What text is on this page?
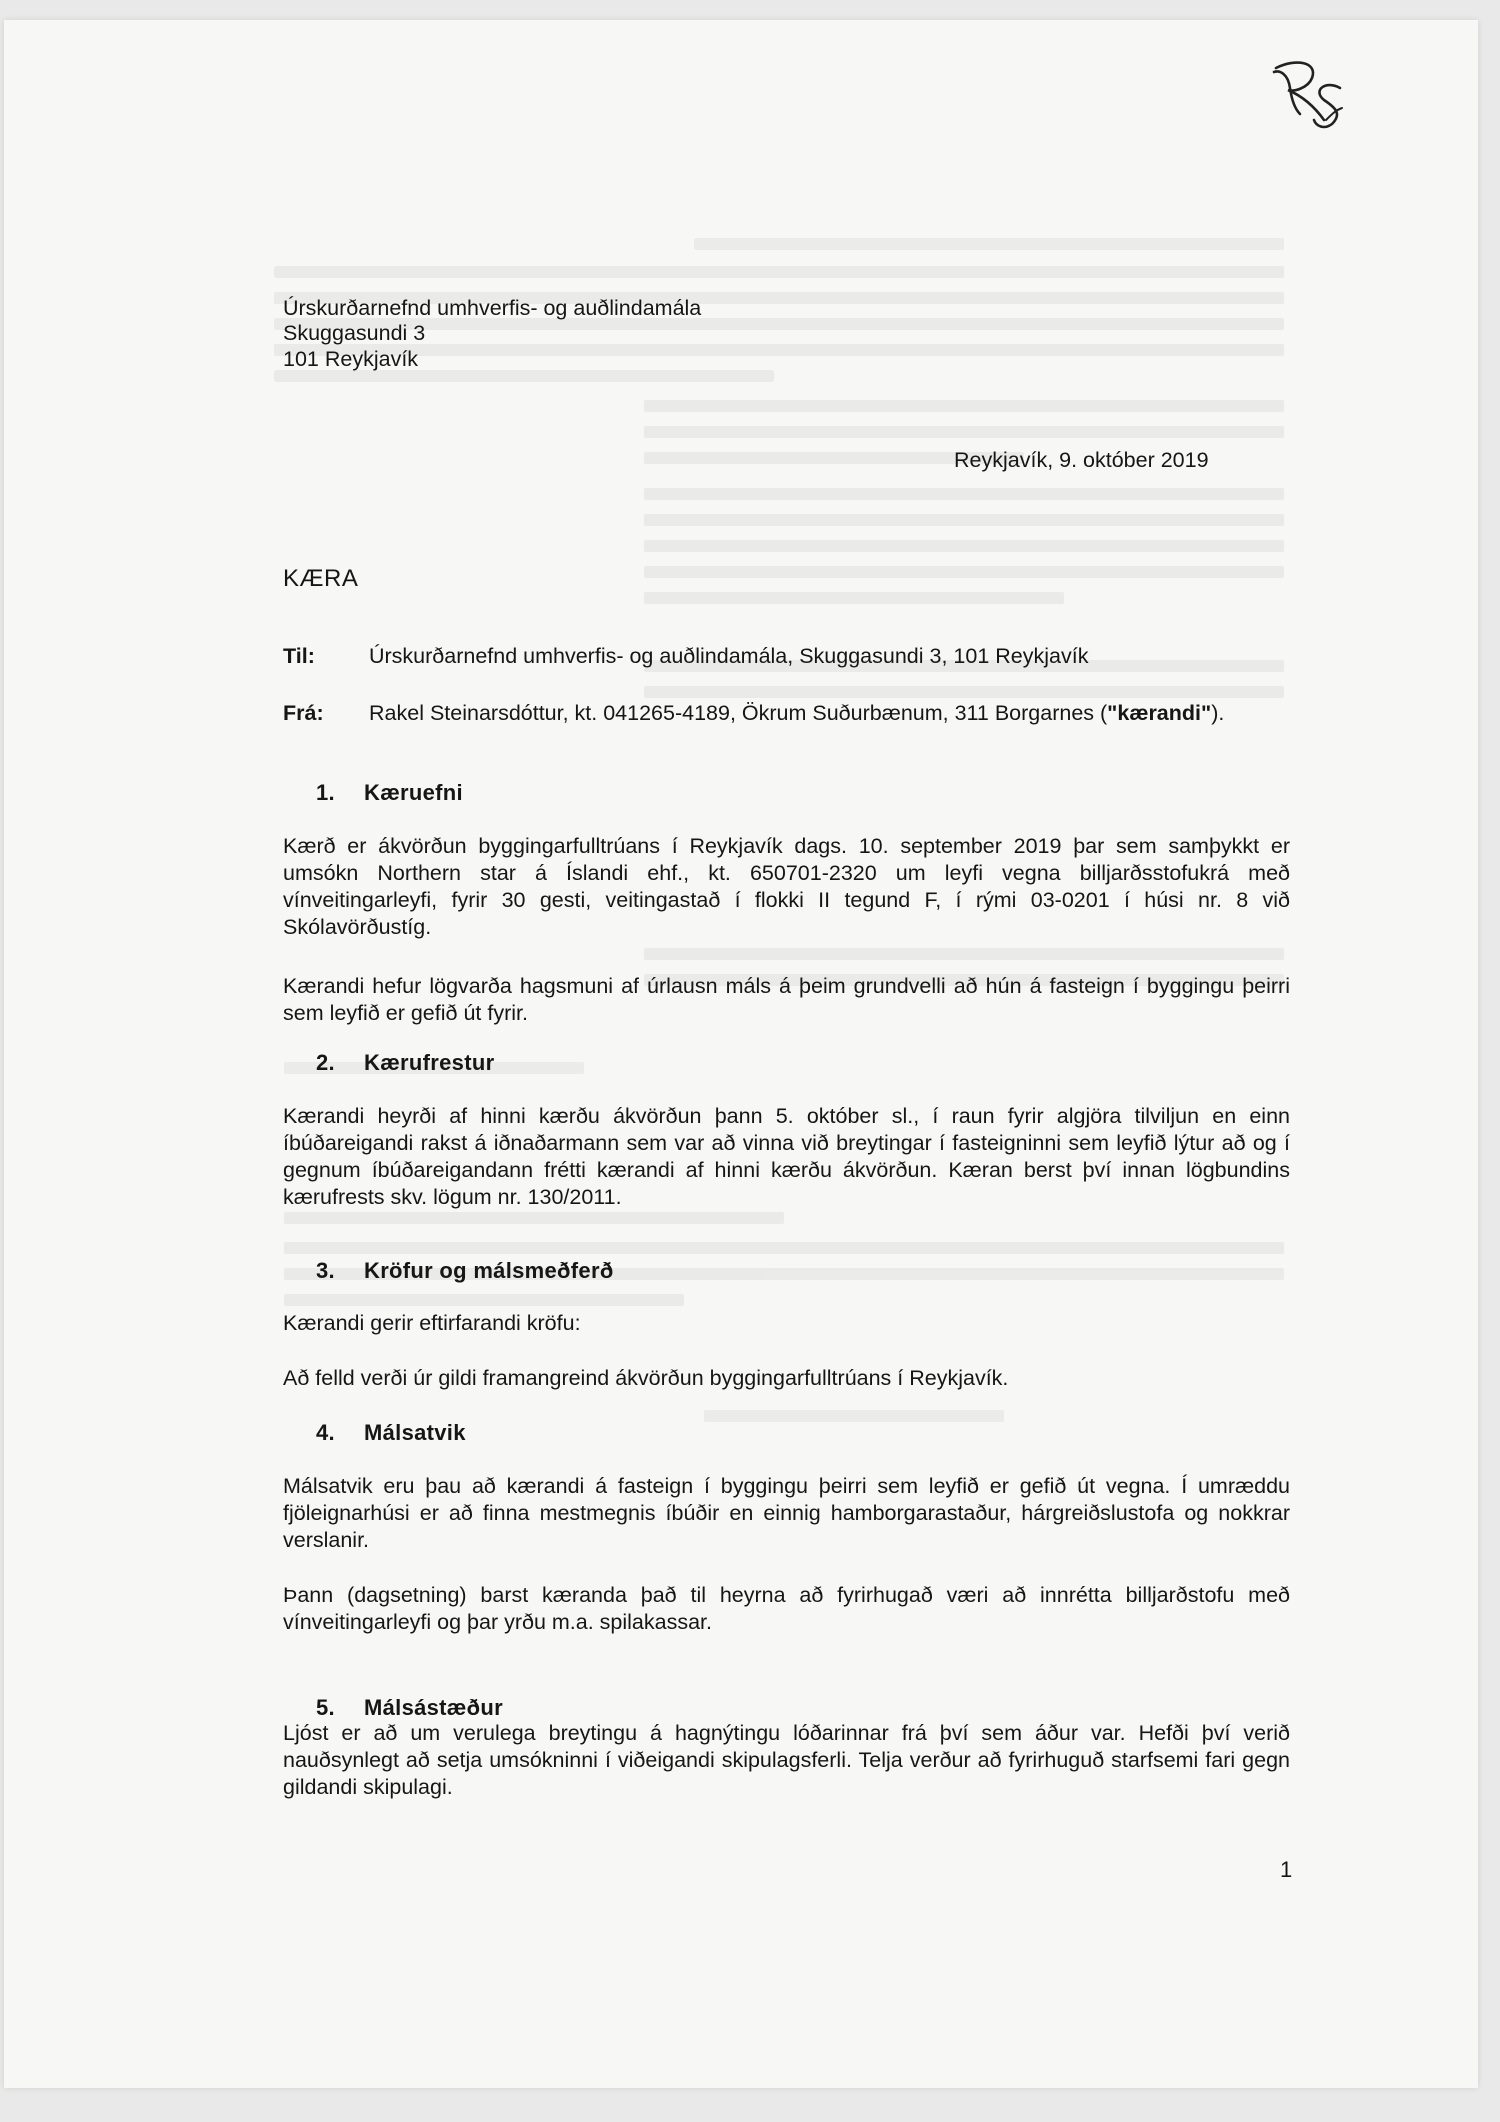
Úrskurðarnefnd umhverfis- og auðlindamála
Skuggasundi 3
101 Reykjavík
Reykjavík, 9. október 2019
KÆRA
Til:	Úrskurðarnefnd umhverfis- og auðlindamála, Skuggasundi 3, 101 Reykjavík
Frá: Rakel Steinarsdóttur, kt. 041265-4189, Ökrum Suðurbænum, 311 Borgarnes ("kærandi").
1. Kæruefni
Kærð er ákvörðun byggingarfulltrúans í Reykjavík dags. 10. september 2019 þar sem samþykkt er umsókn Northern star á Íslandi ehf., kt. 650701-2320 um leyfi vegna billjarðsstofukrá með vínveitingarleyfi, fyrir 30 gesti, veitingastað í flokki II tegund F, í rými 03-0201 í húsi nr. 8 við Skólavörðustíg.
Kærandi hefur lögvarða hagsmuni af úrlausn máls á þeim grundvelli að hún á fasteign í byggingu þeirri sem leyfið er gefið út fyrir.
2. Kærufrestur
Kærandi heyrði af hinni kærðu ákvörðun þann 5. október sl., í raun fyrir algjöra tilviljun en einn íbúðareigandi rakst á iðnaðarmann sem var að vinna við breytingar í fasteigninni sem leyfið lýtur að og í gegnum íbúðareigandann frétti kærandi af hinni kærðu ákvörðun. Kæran berst því innan lögbundins kærufrests skv. lögum nr. 130/2011.
3. Kröfur og málsmeðferð
Kærandi gerir eftirfarandi kröfu:
Að felld verði úr gildi framangreind ákvörðun byggingarfulltrúans í Reykjavík.
4. Málsatvik
Málsatvik eru þau að kærandi á fasteign í byggingu þeirri sem leyfið er gefið út vegna. Í umræddu fjöleignarhúsi er að finna mestmegnis íbúðir en einnig hamborgarastaður, hárgreiðslustofa og nokkrar verslanir.
Þann (dagsetning) barst kæranda það til heyrna að fyrirhugað væri að innrétta billjarðstofu með vínveitingarleyfi og þar yrðu m.a. spilakassar.
5. Málsástæður
Ljóst er að um verulega breytingu á hagnýtingu lóðarinnar frá því sem áður var. Hefði því verið nauðsynlegt að setja umsókninni í viðeigandi skipulagsferli. Telja verður að fyrirhuguð starfsemi fari gegn gildandi skipulagi.
1
